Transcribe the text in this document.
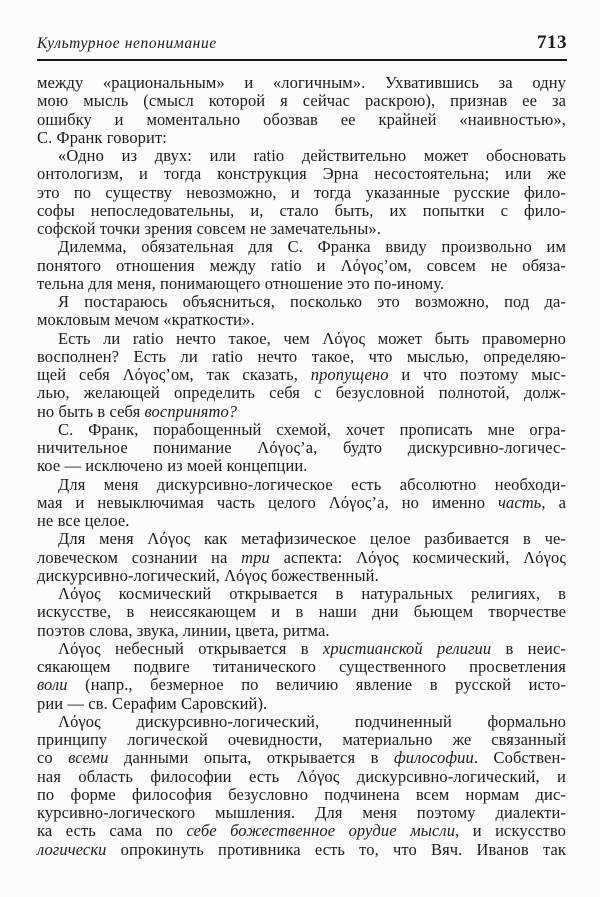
Культурное непонимание	713
между «рациональным» и «логичным». Ухватившись за одну
мою мысль (смысл которой я сейчас раскрою), признав ее за
ошибку и моментально обозвав ее крайней «наивностью»,
С. Франк говорит:
«Одно из двух: или ratio действительно может обосновать
онтологизм, и тогда конструкция Эрна несостоятельна; или же
это по существу невозможно, и тогда указанные русские фило-
софы непоследовательны, и, стало быть, их попытки с фило-
софской точки зрения совсем не замечательны».
Дилемма, обязательная для С. Франка ввиду произвольно им
понятого отношения между ratio и Λόγος’ом, совсем не обяза-
тельна для меня, понимающего отношение это по-иному.
Я постараюсь объясниться, посколько это возможно, под да-
мокловым мечом «краткости».
Есть ли ratio нечто такое, чем Λόγος может быть правомерно
восполнен? Есть ли ratio нечто такое, что мыслью, определяю-
щей себя Λόγος’ом, так сказать, пропущено и что поэтому мыс-
лью, желающей определить себя с безусловной полнотой, долж-
но быть в себя воспринято?
С. Франк, порабощенный схемой, хочет прописать мне огра-
ничительное понимание Λόγος’а, будто дискурсивно-логичес-
кое — исключено из моей концепции.
Для меня дискурсивно-логическое есть абсолютно необходи-
мая и невыключимая часть целого Λόγος’а, но именно часть, а
не все целое.
Для меня Λόγος как метафизическое целое разбивается в че-
ловеческом сознании на три аспекта: Λόγος космический, Λόγος
дискурсивно-логический, Λόγος божественный.
Λόγος космический открывается в натуральных религиях, в
искусстве, в неиссякающем и в наши дни бьющем творчестве
поэтов слова, звука, линии, цвета, ритма.
Λόγος небесный открывается в христианской религии в неис-
сякающем подвиге титанического существенного просветления
воли (напр., безмерное по величию явление в русской исто-
рии — св. Серафим Саровский).
Λόγος дискурсивно-логический, подчиненный формально
принципу логической очевидности, материально же связанный
со всеми данными опыта, открывается в философии. Собствен-
ная область философии есть Λόγος дискурсивно-логический, и
по форме философия безусловно подчинена всем нормам дис-
курсивно-логического мышления. Для меня поэтому диалекти-
ка есть сама по себе божественное орудие мысли, и искусство
логически опрокинуть противника есть то, что Вяч. Иванов так
